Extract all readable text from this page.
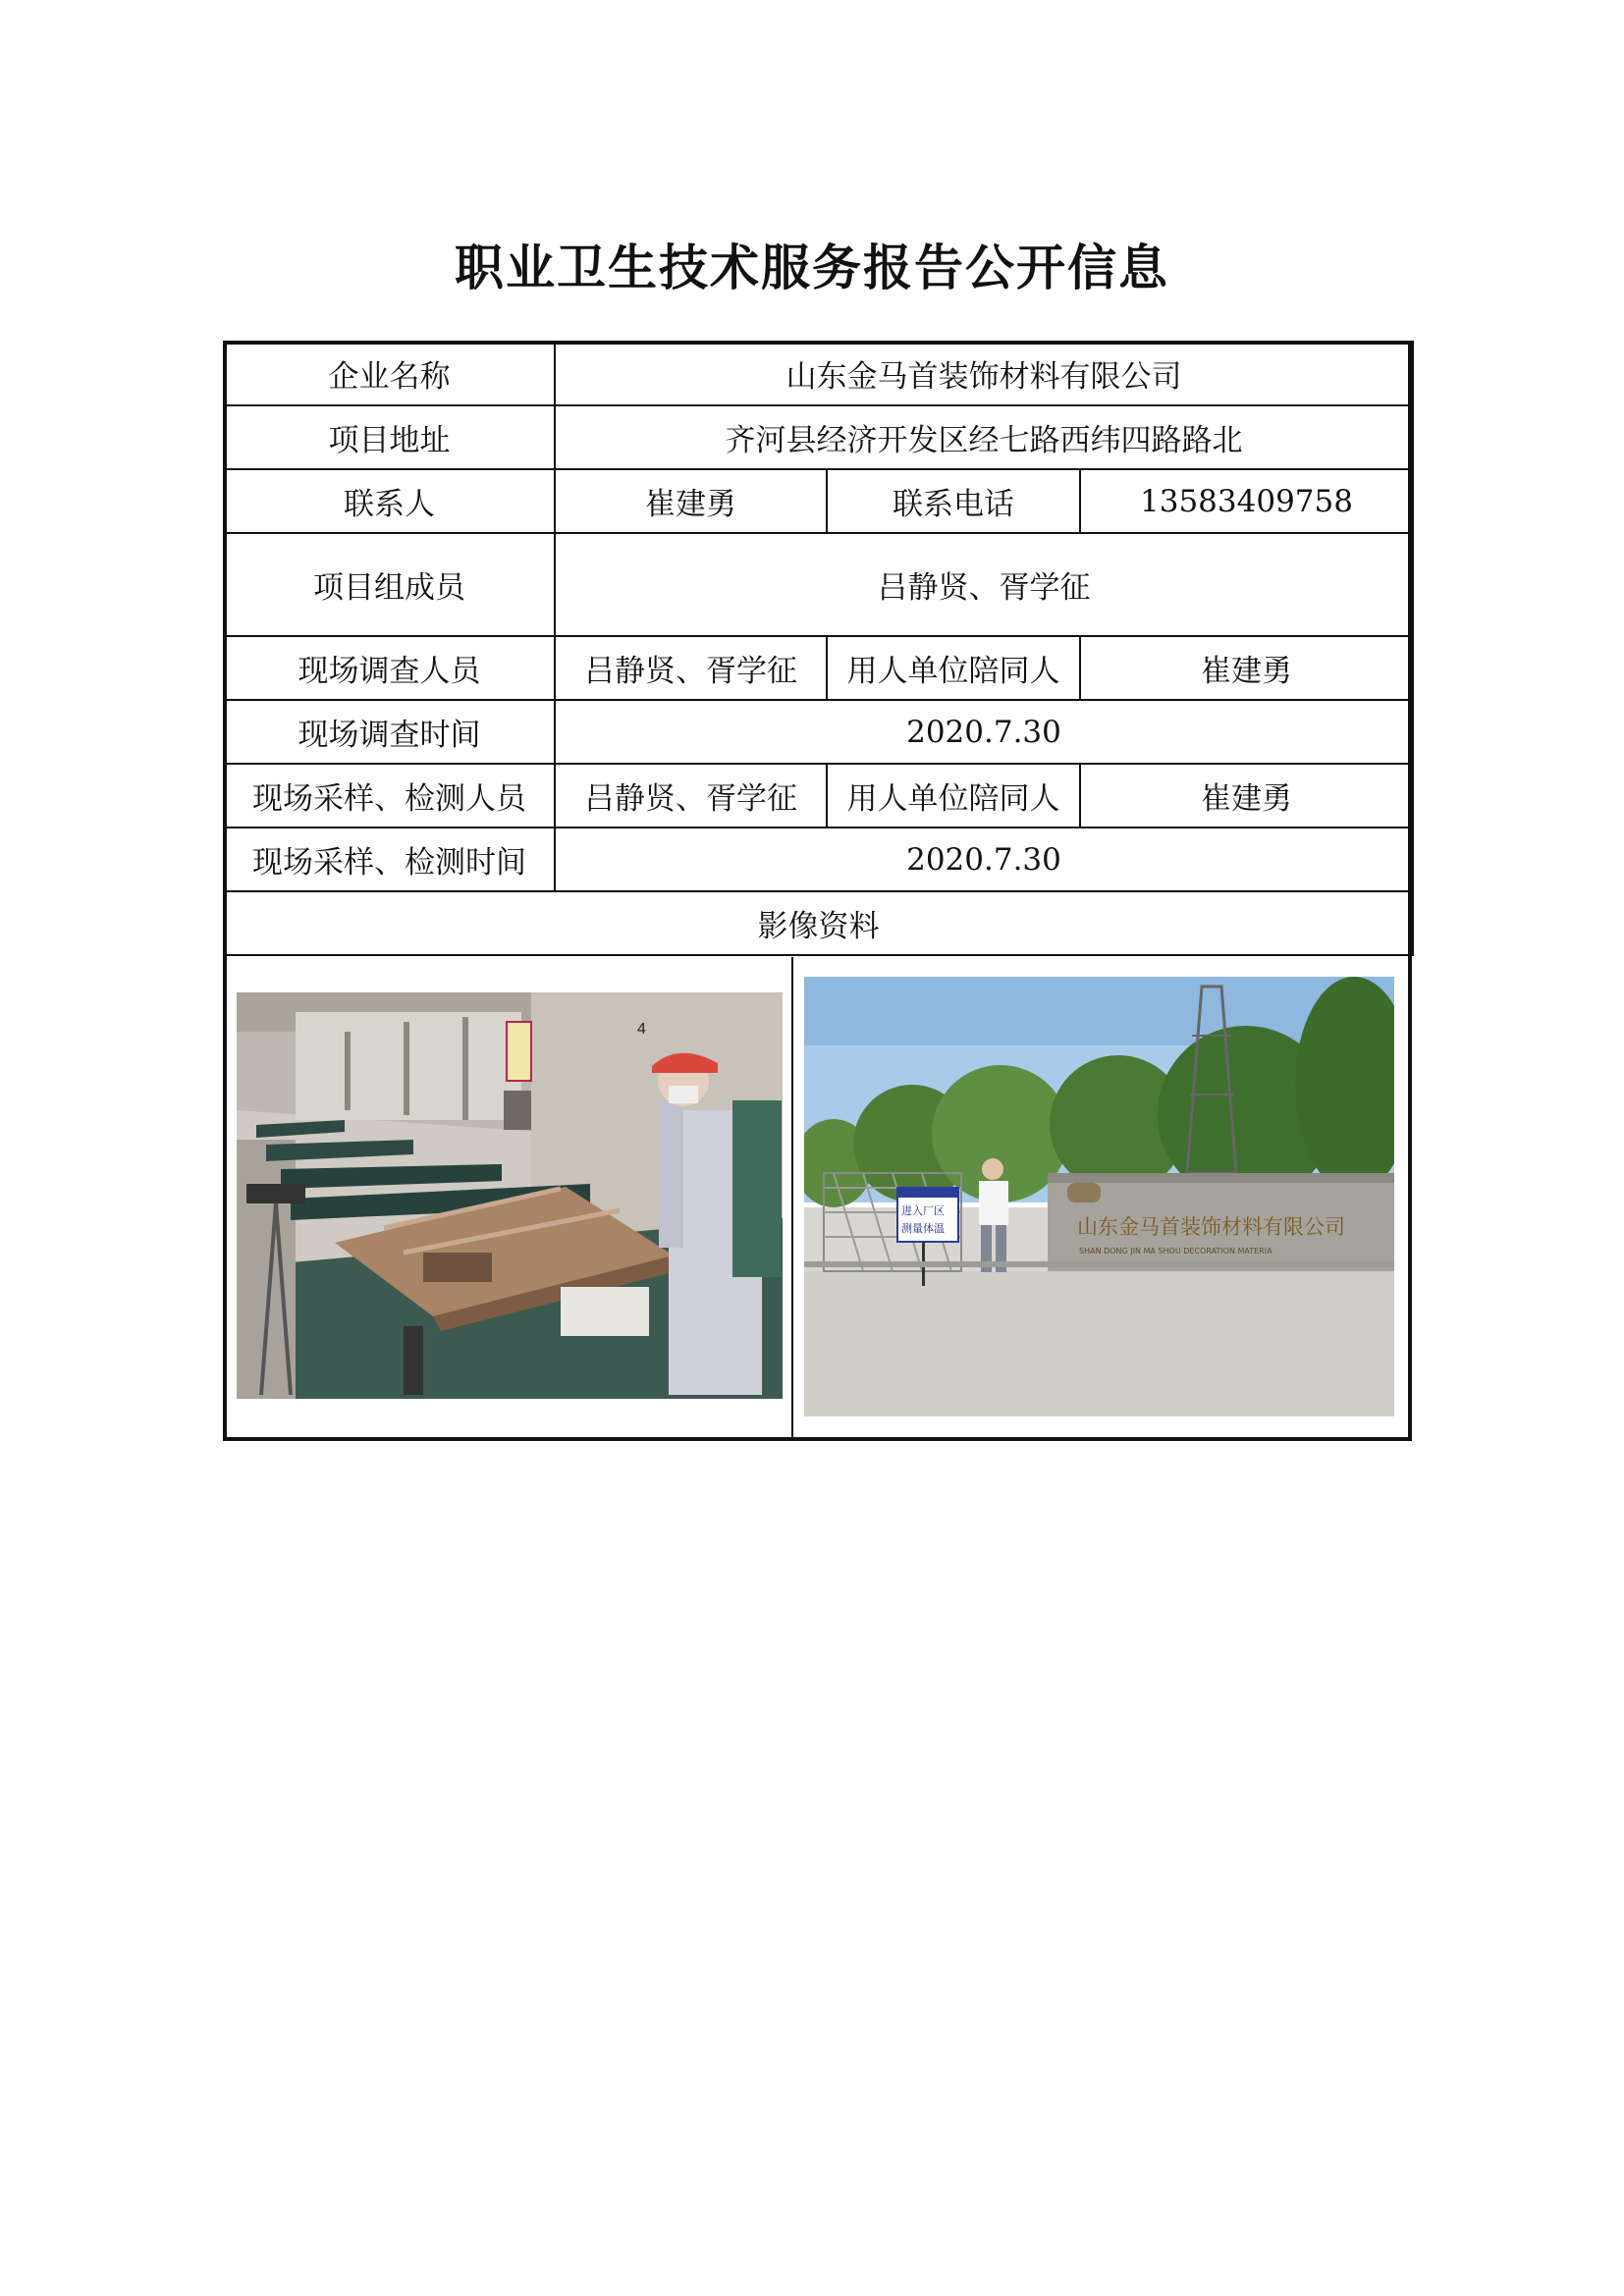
职业卫生技术服务报告公开信息
企业名称	山东金马首装饰材料有限公司		
项目地址	齐河县经济开发区经七路西纬四路路北		
联系人	崔建勇	联系电话	13583409758
项目组成员	吕静贤、胥学征		
现场调查人员	吕静贤、胥学征	用人单位陪同人	崔建勇
现场调查时间	2020.7.30		
现场采样、检测人员	吕静贤、胥学征	用人单位陪同人	崔建勇
现场采样、检测时间	2020.7.30		
影像资料			
4
进入厂区
测量体温	山东金马首装饰材料有限公司
SHAN DONG JIN MA SHOU DECORATION MATERIA
